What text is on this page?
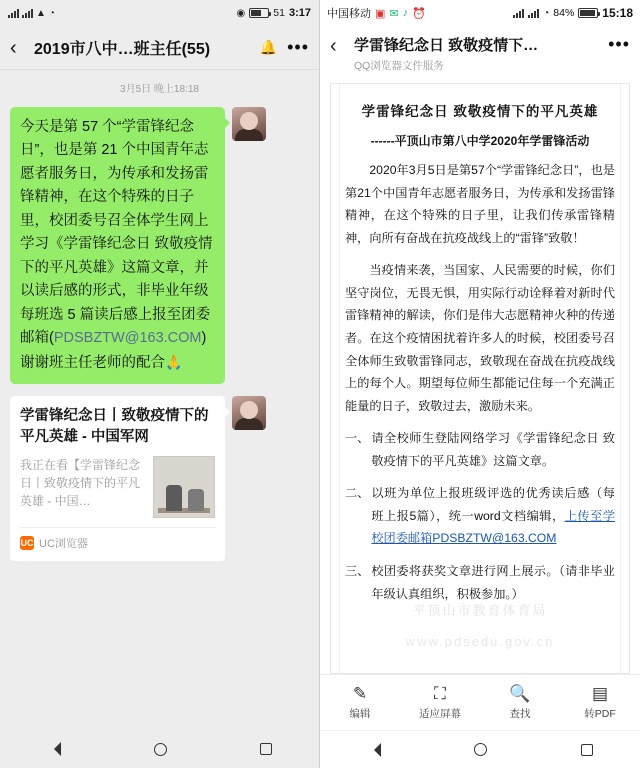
▲ ◔	◉	51 3:17
‹	2019市八中…班主任(55)	🔔 •••
3月5日 晚上18:18
今天是第 57 个“学雷锋纪念日”，也是第 21 个中国青年志愿者服务日，为传承和发扬雷锋精神，在这个特殊的日子里，校团委号召全体学生网上学习《学雷锋纪念日 致敬疫情下的平凡英雄》这篇文章，并以读后感的形式，非毕业年级每班选 5 篇读后感上报至团委邮箱(PDSBZTW@163.COM)谢谢班主任老师的配合🙏
学雷锋纪念日丨致敬疫情下的平凡英雄 - 中国军网
我正在看【学雷锋纪念日丨致敬疫情下的平凡英雄 - 中国…
UC UC浏览器
中国移动 ▣ ✉ ♪ ⏰	◔ 84% 15:18
‹	学雷锋纪念日 致敬疫情下…
QQ浏览器文件服务
•••
学雷锋纪念日 致敬疫情下的平凡英雄
------平顶山市第八中学2020年学雷锋活动

2020年3月5日是第57个“学雷锋纪念日”，也是第21个中国青年志愿者服务日，为传承和发扬雷锋精神，在这个特殊的日子里，让我们传承雷锋精神，向所有奋战在抗疫战线上的“雷锋”致敬！

当疫情来袭，当国家、人民需要的时候，你们坚守岗位，无畏无惧，用实际行动诠释着对新时代雷锋精神的解读，你们是伟大志愿精神火种的传递者。在这个疫情困扰着许多人的时候，校团委号召全体师生致敬雷锋同志，致敬现在奋战在抗疫战线上的每个人。期望每位师生都能记住每一个充满正能量的日子，致敬过去，激励未来。

一、 请全校师生登陆网络学习《学雷锋纪念日 致敬疫情下的平凡英雄》这篇文章。
二、 以班为单位上报班级评选的优秀读后感（每班上报5篇），统一word文档编辑，上传至学校团委邮箱PDSBZTW@163.COM
三、 校团委将获奖文章进行网上展示。（请非毕业年级认真组织，积极参加。）
平顶山市教育体育局
www.pdsedu.gov.cn
✎
编辑
⛶
适应屏幕
🔍
查找
▤
转PDF
